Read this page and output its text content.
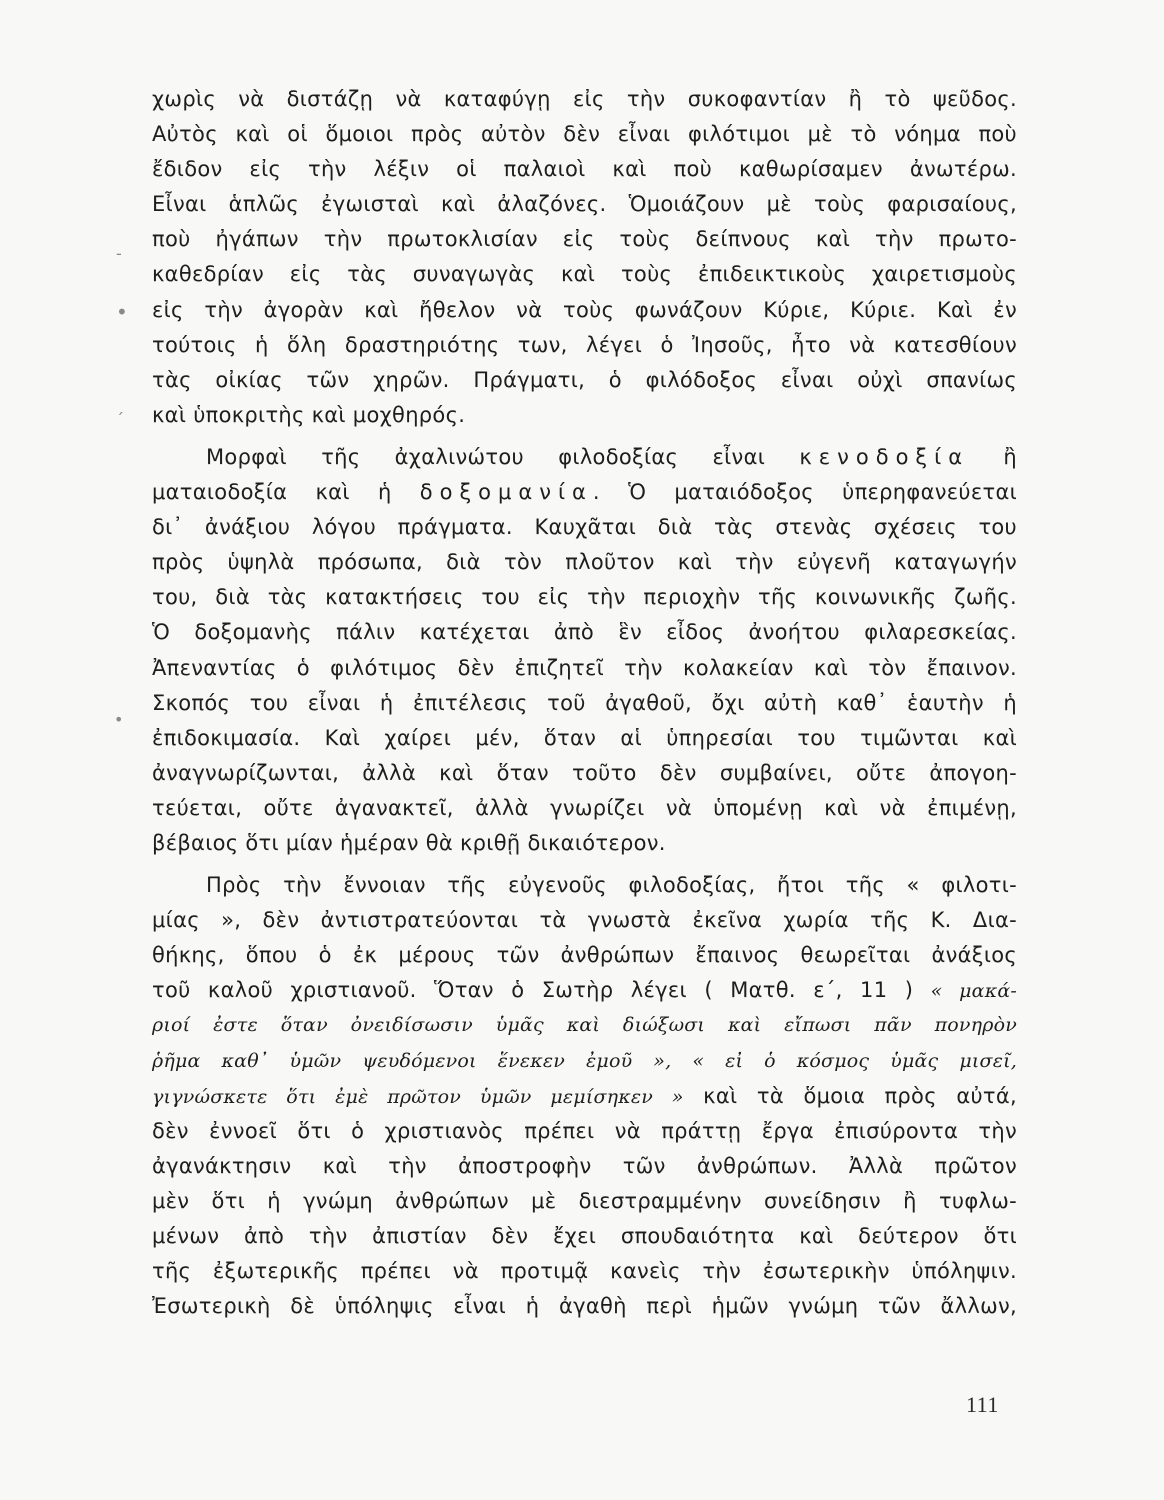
-
•
´
•
χωρὶς νὰ διστάζῃ νὰ καταφύγῃ εἰς τὴν συκοφαντίαν ἢ τὸ ψεῦδος.
Αὐτὸς καὶ οἱ ὅμοιοι πρὸς αὐτὸν δὲν εἶναι φιλότιμοι μὲ τὸ νόημα ποὺ
ἔδιδον εἰς τὴν λέξιν οἱ παλαιοὶ καὶ ποὺ καθωρίσαμεν ἀνωτέρω.
Εἶναι ἁπλῶς ἐγωισταὶ καὶ ἀλαζόνες. Ὁμοιάζουν μὲ τοὺς φαρισαίους,
ποὺ ἠγάπων τὴν πρωτοκλισίαν εἰς τοὺς δείπνους καὶ τὴν πρωτο-
καθεδρίαν εἰς τὰς συναγωγὰς καὶ τοὺς ἐπιδεικτικοὺς χαιρετισμοὺς
εἰς τὴν ἀγορὰν καὶ ἤθελον νὰ τοὺς φωνάζουν Κύριε, Κύριε. Καὶ ἐν
τούτοις ἡ ὅλη δραστηριότης των, λέγει ὁ Ἰησοῦς, ἦτο νὰ κατεσθίουν
τὰς οἰκίας τῶν χηρῶν. Πράγματι, ὁ φιλόδοξος εἶναι οὐχὶ σπανίως
καὶ ὑποκριτὴς καὶ μοχθηρός.
Μορφαὶ τῆς ἀχαλινώτου φιλοδοξίας εἶναι κενοδοξία ἢ
ματαιοδοξία καὶ ἡ δοξομανία. Ὁ ματαιόδοξος ὑπερηφανεύεται
δι᾽ ἀνάξιου λόγου πράγματα. Καυχᾶται διὰ τὰς στενὰς σχέσεις του
πρὸς ὑψηλὰ πρόσωπα, διὰ τὸν πλοῦτον καὶ τὴν εὐγενῆ καταγωγήν
του, διὰ τὰς κατακτήσεις του εἰς τὴν περιοχὴν τῆς κοινωνικῆς ζωῆς.
Ὁ δοξομανὴς πάλιν κατέχεται ἀπὸ ἓν εἶδος ἀνοήτου φιλαρεσκείας.
Ἀπεναντίας ὁ φιλότιμος δὲν ἐπιζητεῖ τὴν κολακείαν καὶ τὸν ἔπαινον.
Σκοπός του εἶναι ἡ ἐπιτέλεσις τοῦ ἀγαθοῦ, ὄχι αὐτὴ καθ᾽ ἑαυτὴν ἡ
ἐπιδοκιμασία. Καὶ χαίρει μέν, ὅταν αἱ ὑπηρεσίαι του τιμῶνται καὶ
ἀναγνωρίζωνται, ἀλλὰ καὶ ὅταν τοῦτο δὲν συμβαίνει, οὔτε ἀπογοη-
τεύεται, οὔτε ἀγανακτεῖ, ἀλλὰ γνωρίζει νὰ ὑπομένῃ καὶ νὰ ἐπιμένῃ,
βέβαιος ὅτι μίαν ἡμέραν θὰ κριθῇ δικαιότερον.
Πρὸς τὴν ἔννοιαν τῆς εὐγενοῦς φιλοδοξίας, ἤτοι τῆς « φιλοτι-
μίας », δὲν ἀντιστρατεύονται τὰ γνωστὰ ἐκεῖνα χωρία τῆς Κ. Δια-
θήκης, ὅπου ὁ ἐκ μέρους τῶν ἀνθρώπων ἔπαινος θεωρεῖται ἀνάξιος
τοῦ καλοῦ χριστιανοῦ. Ὅταν ὁ Σωτὴρ λέγει ( Ματθ. ε΄, 11 ) « μακά-
ριοί ἐστε ὅταν ὀνειδίσωσιν ὑμᾶς καὶ διώξωσι καὶ εἴπωσι πᾶν πονηρὸν
ῥῆμα καθ᾽ ὑμῶν ψευδόμενοι ἕνεκεν ἐμοῦ », « εἰ ὁ κόσμος ὑμᾶς μισεῖ,
γιγνώσκετε ὅτι ἐμὲ πρῶτον ὑμῶν μεμίσηκεν » καὶ τὰ ὅμοια πρὸς αὐτά,
δὲν ἐννοεῖ ὅτι ὁ χριστιανὸς πρέπει νὰ πράττῃ ἔργα ἐπισύροντα τὴν
ἀγανάκτησιν καὶ τὴν ἀποστροφὴν τῶν ἀνθρώπων. Ἀλλὰ πρῶτον
μὲν ὅτι ἡ γνώμη ἀνθρώπων μὲ διεστραμμένην συνείδησιν ἢ τυφλω-
μένων ἀπὸ τὴν ἀπιστίαν δὲν ἔχει σπουδαιότητα καὶ δεύτερον ὅτι
τῆς ἐξωτερικῆς πρέπει νὰ προτιμᾷ κανεὶς τὴν ἐσωτερικὴν ὑπόληψιν.
Ἐσωτερικὴ δὲ ὑπόληψις εἶναι ἡ ἀγαθὴ περὶ ἡμῶν γνώμη τῶν ἄλλων,
111
